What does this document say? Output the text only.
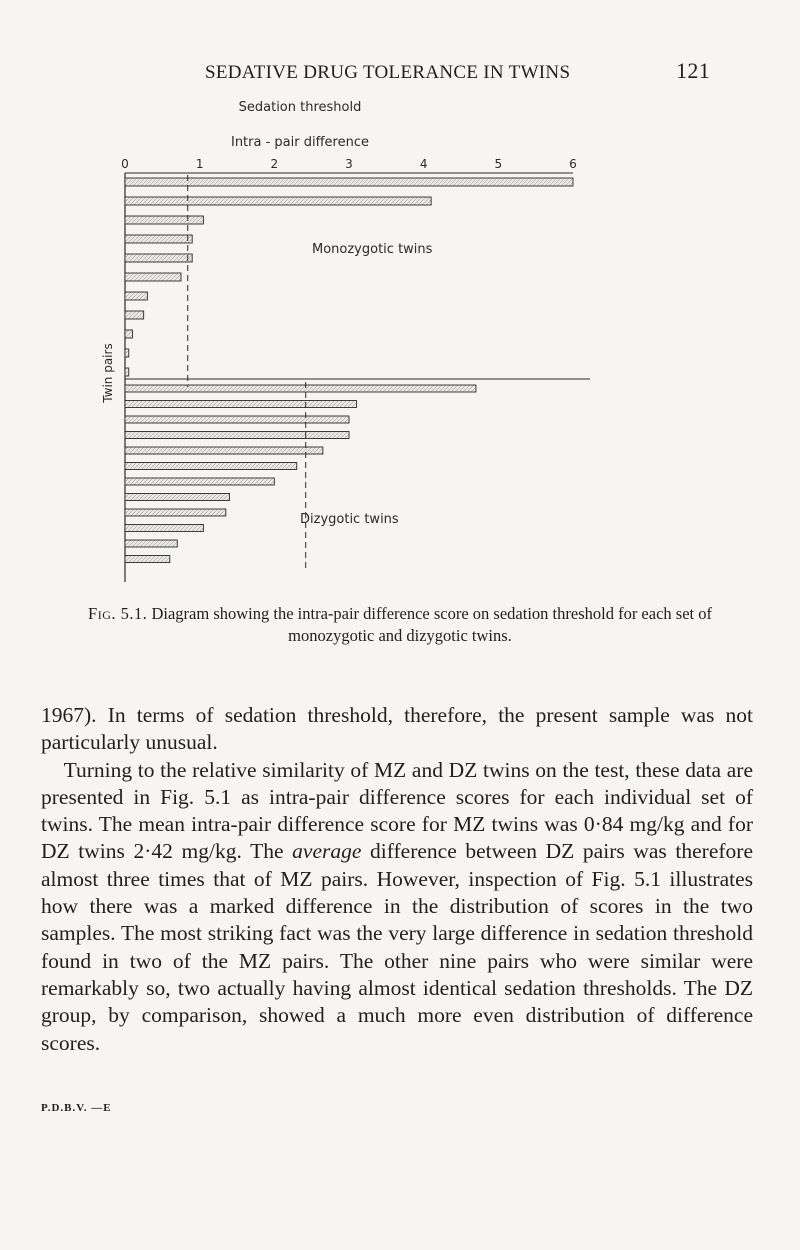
SEDATIVE DRUG TOLERANCE IN TWINS	121
Sedation threshold
Intra - pair difference
0	1	2	3	4	5	6
Twin pairs
Monozygotic twins
Dizygotic twins
Fig. 5.1. Diagram showing the intra-pair difference score on sedation threshold for each set of monozygotic and dizygotic twins.

1967). In terms of sedation threshold, therefore, the present sample was not particularly unusual.

Turning to the relative similarity of MZ and DZ twins on the test, these data are presented in Fig. 5.1 as intra-pair difference scores for each individual set of twins. The mean intra-pair difference score for MZ twins was 0·84 mg/kg and for DZ twins 2·42 mg/kg. The average difference between DZ pairs was therefore almost three times that of MZ pairs. However, inspection of Fig. 5.1 illustrates how there was a marked difference in the distribution of scores in the two samples. The most striking fact was the very large difference in sedation threshold found in two of the MZ pairs. The other nine pairs who were similar were remarkably so, two actually having almost identical sedation thresholds. The DZ group, by comparison, showed a much more even distribution of difference scores.

P.D.B.V. —E
